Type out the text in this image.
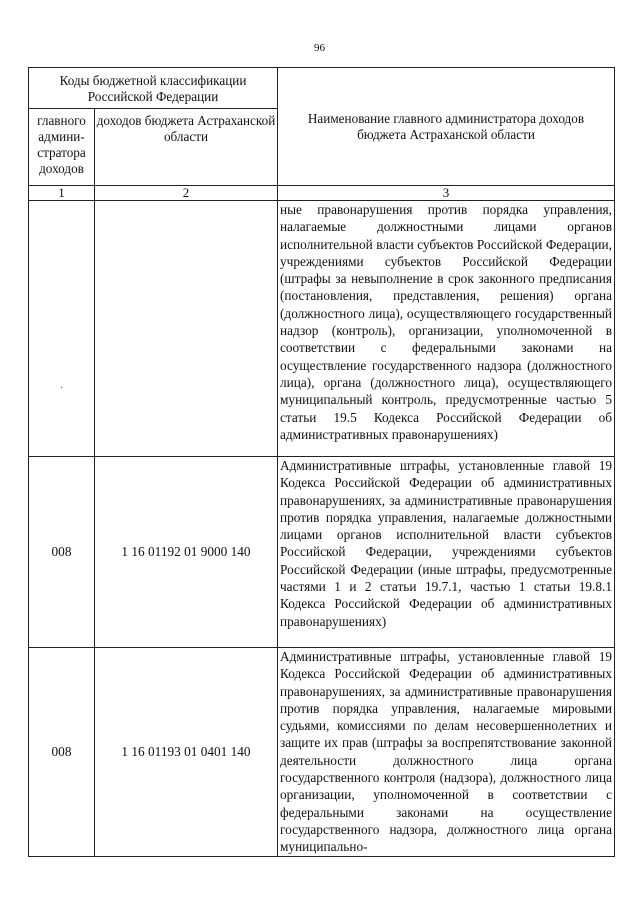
96
Коды бюджетной классификации Российской Федерации		Наименование главного администратора доходов бюджета Астраханской области
главного админи-стратора доходов	доходов бюджета Астраханской области	
1	2	3

·		ные правонарушения против порядка управления, налагаемые должностными лицами органов исполнительной власти субъектов Российской Федерации, учреждениями субъектов Российской Федерации (штрафы за невыполнение в срок законного предписания (постановления, представления, решения) органа (должностного лица), осуществляющего государственный надзор (контроль), организации, уполномоченной в соответствии с федеральными законами на осуществление государственного надзора (должностного лица), органа (должностного лица), осуществляющего муниципальный контроль, предусмотренные частью 5 статьи 19.5 Кодекса Российской Федерации об административных правонарушениях)
008	1 16 01192 01 9000 140	Административные штрафы, установленные главой 19 Кодекса Российской Федерации об административных правонарушениях, за административные правонарушения против порядка управления, налагаемые должностными лицами органов исполнительной власти субъектов Российской Федерации, учреждениями субъектов Российской Федерации (иные штрафы, предусмотренные частями 1 и 2 статьи 19.7.1, частью 1 статьи 19.8.1 Кодекса Российской Федерации об административных правонарушениях)
008	1 16 01193 01 0401 140	Административные штрафы, установленные главой 19 Кодекса Российской Федерации об административных правонарушениях, за административные правонарушения против порядка управления, налагаемые мировыми судьями, комиссиями по делам несовершеннолетних и защите их прав (штрафы за воспрепятствование законной деятельности должностного лица органа государственного контроля (надзора), должностного лица организации, уполномоченной в соответствии с федеральными законами на осуществление государственного надзора, должностного лица органа муниципально-
